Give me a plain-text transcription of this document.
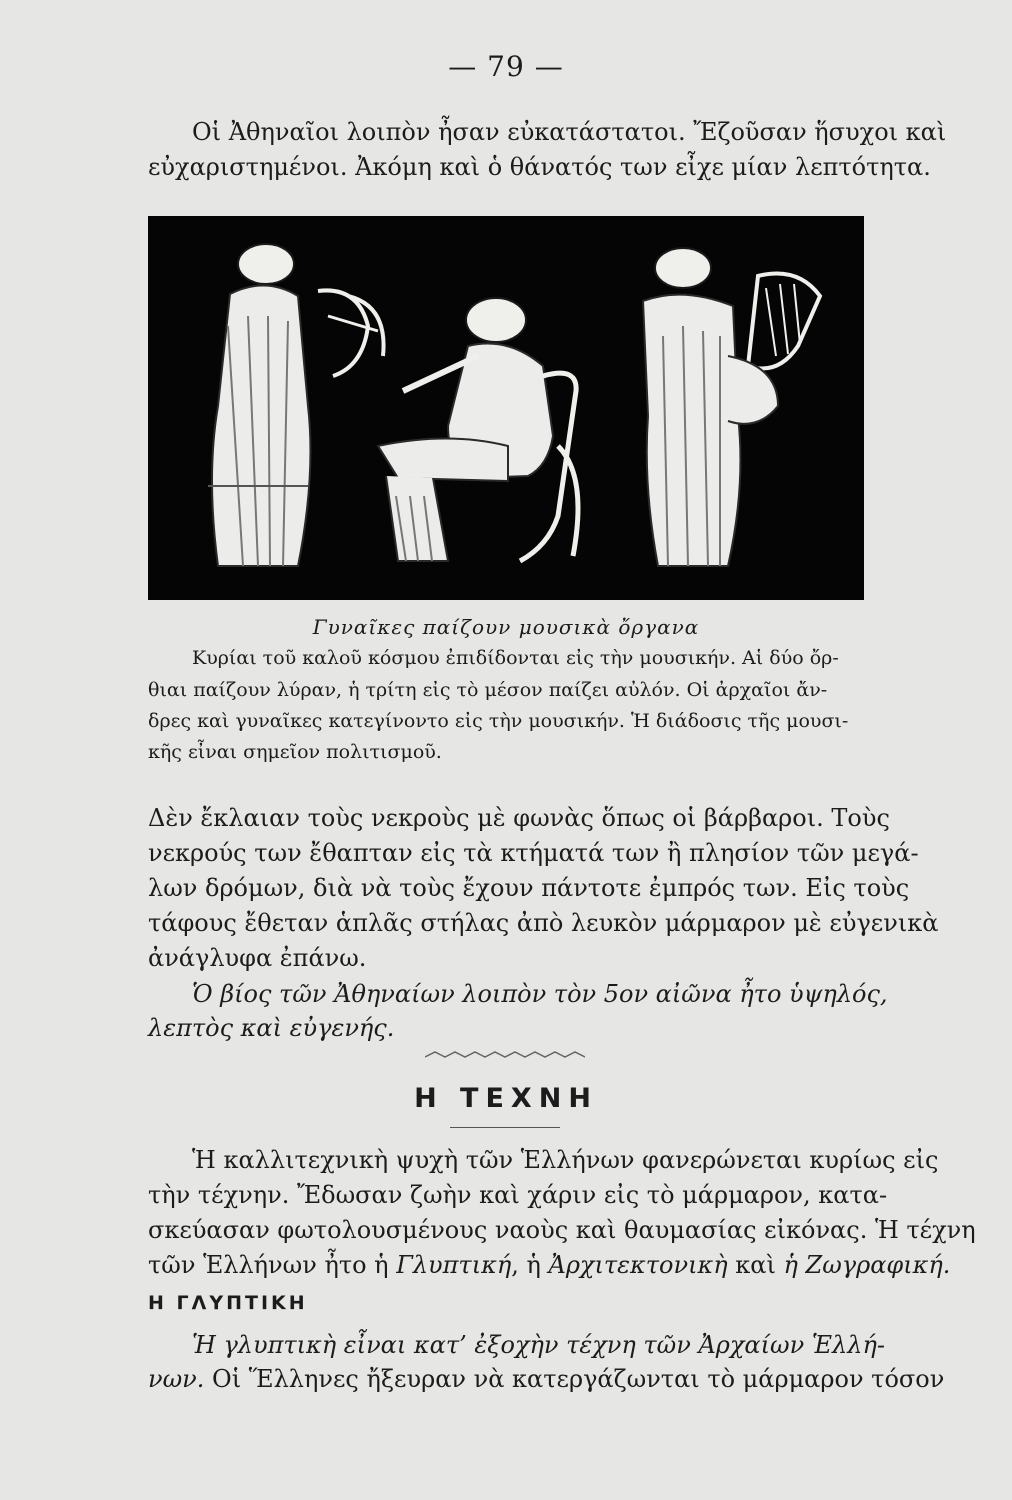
— 79 —
Οἱ Ἀθηναῖοι λοιπὸν ἦσαν εὐκατάστατοι. Ἔζοῦσαν ἥσυχοι καὶ
εὐχαριστημένοι. Ἀκόμη καὶ ὁ θάνατός των εἶχε μίαν λεπτότητα.
Γυναῖκες παίζουν μουσικὰ ὄργανα
Κυρίαι τοῦ καλοῦ κόσμου ἐπιδίδονται εἰς τὴν μουσικήν. Αἱ δύο ὄρ-
θιαι παίζουν λύραν, ἡ τρίτη εἰς τὸ μέσον παίζει αὐλόν. Οἱ ἀρχαῖοι ἄν-
δρες καὶ γυναῖκες κατεγίνοντο εἰς τὴν μουσικήν. Ἡ διάδοσις τῆς μουσι-
κῆς εἶναι σημεῖον πολιτισμοῦ.
Δὲν ἔκλαιαν τοὺς νεκροὺς μὲ φωνὰς ὅπως οἱ βάρβαροι. Τοὺς
νεκρούς των ἔθαπταν εἰς τὰ κτήματά των ἢ πλησίον τῶν μεγά-
λων δρόμων, διὰ νὰ τοὺς ἔχουν πάντοτε ἐμπρός των. Εἰς τοὺς
τάφους ἔθεταν ἁπλᾶς στήλας ἀπὸ λευκὸν μάρμαρον μὲ εὐγενικὰ
ἀνάγλυφα ἐπάνω.
Ὁ βίος τῶν Ἀθηναίων λοιπὸν τὸν 5ον αἰῶνα ἦτο ὑψηλός,
λεπτὸς καὶ εὐγενής.
Η ΤΕΧΝΗ
Ἡ καλλιτεχνικὴ ψυχὴ τῶν Ἑλλήνων φανερώνεται κυρίως εἰς
τὴν τέχνην. Ἔδωσαν ζωὴν καὶ χάριν εἰς τὸ μάρμαρον, κατα-
σκεύασαν φωτολουσμένους ναοὺς καὶ θαυμασίας εἰκόνας. Ἡ τέχνη
τῶν Ἑλλήνων ἦτο ἡ Γλυπτική, ἡ Ἀρχιτεκτονικὴ καὶ ἡ Ζωγραφική.
Η ΓΛΥΠΤΙΚΗ
Ἡ γλυπτικὴ εἶναι κατ’ ἐξοχὴν τέχνη τῶν Ἀρχαίων Ἑλλή-
νων. Οἱ Ἕλληνες ἤξευραν νὰ κατεργάζωνται τὸ μάρμαρον τόσον
